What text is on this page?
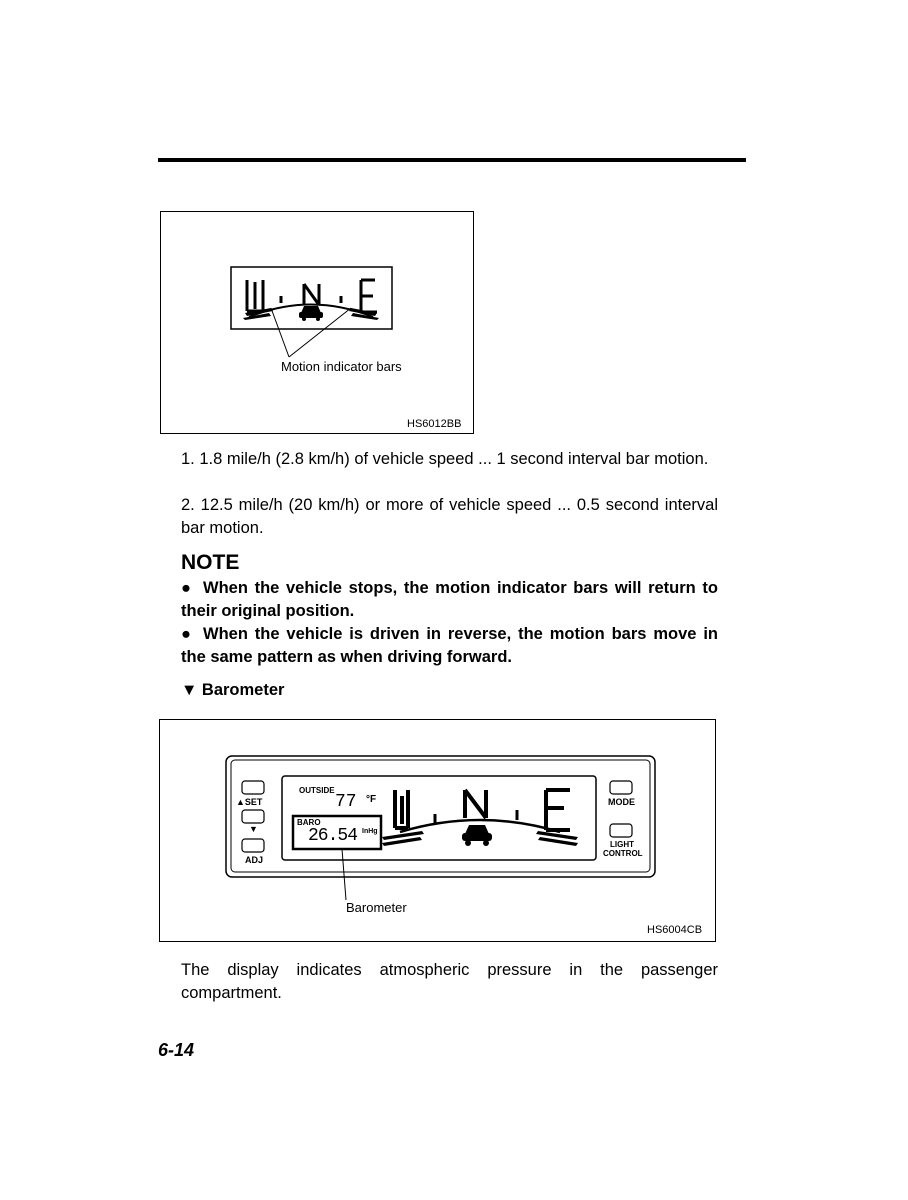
Motion indicator bars
HS6012BB
1. 1.8 mile/h (2.8 km/h) of vehicle speed ... 1 second interval bar motion.
2. 12.5 mile/h (20 km/h) or more of vehicle speed ... 0.5 second interval bar motion.
NOTE
● When the vehicle stops, the motion indicator bars will return to their original position.
● When the vehicle is driven in reverse, the motion bars move in the same pattern as when driving forward.
▼ Barometer
▲SET
▼
ADJ
MODE
LIGHT
CONTROL
OUTSIDE
77 °F
BARO
26.54 InHg
Barometer
HS6004CB
The display indicates atmospheric pressure in the passenger compartment.
6-14
